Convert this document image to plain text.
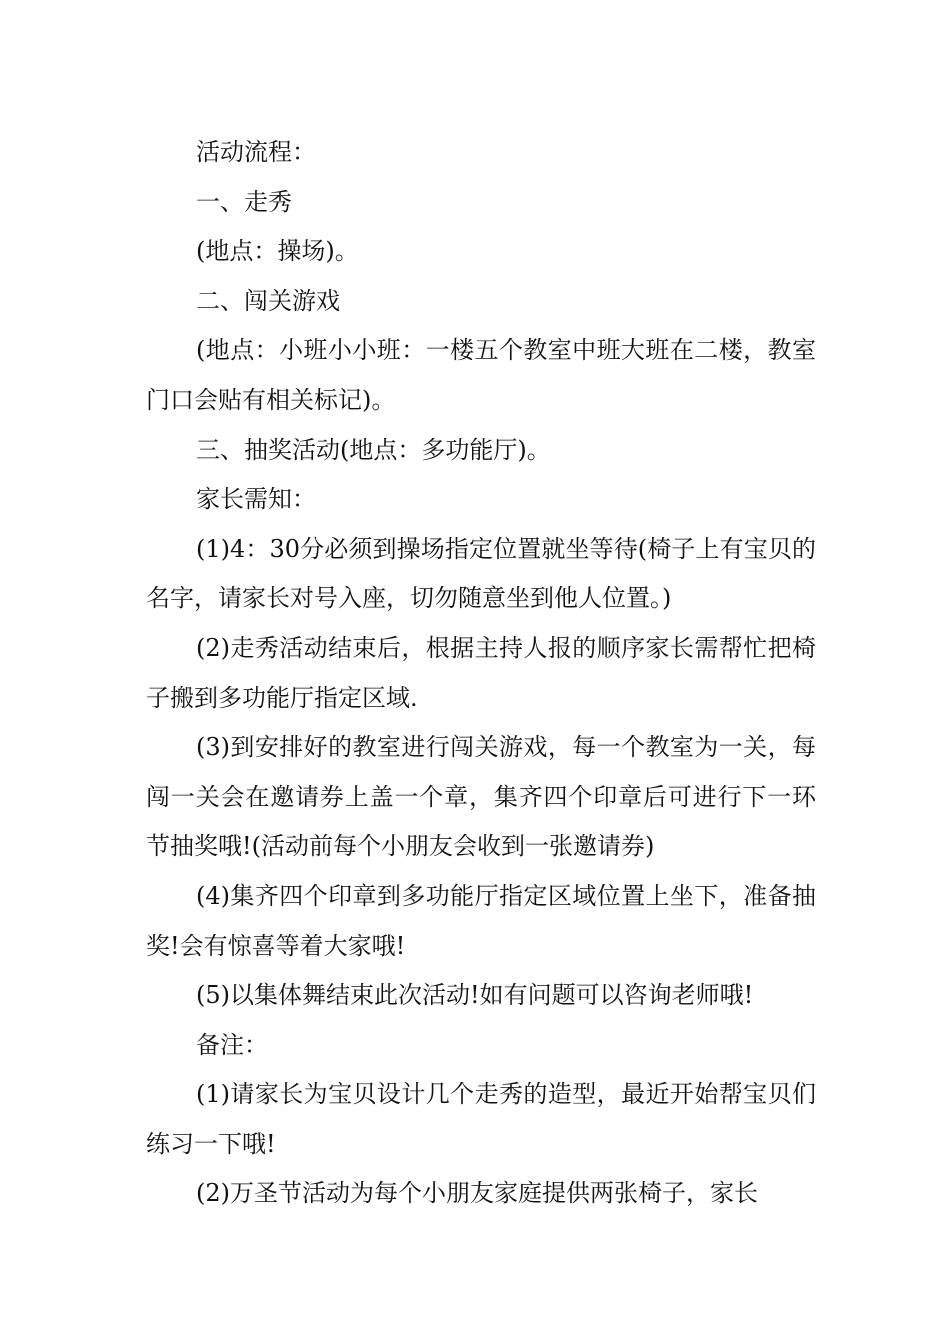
活动流程：

一、走秀

(地点：操场)。

二、闯关游戏

(地点：小班小小班：一楼五个教室中班大班在二楼，教室门口会贴有相关标记)。

三、抽奖活动(地点：多功能厅)。

家长需知：

(1)4：30分必须到操场指定位置就坐等待(椅子上有宝贝的名字，请家长对号入座，切勿随意坐到他人位置。)

(2)走秀活动结束后，根据主持人报的顺序家长需帮忙把椅子搬到多功能厅指定区域.

(3)到安排好的教室进行闯关游戏，每一个教室为一关，每闯一关会在邀请券上盖一个章，集齐四个印章后可进行下一环节抽奖哦!(活动前每个小朋友会收到一张邀请券)

(4)集齐四个印章到多功能厅指定区域位置上坐下，准备抽奖!会有惊喜等着大家哦!

(5)以集体舞结束此次活动!如有问题可以咨询老师哦!

备注：

(1)请家长为宝贝设计几个走秀的造型，最近开始帮宝贝们练习一下哦!

(2)万圣节活动为每个小朋友家庭提供两张椅子，家长
